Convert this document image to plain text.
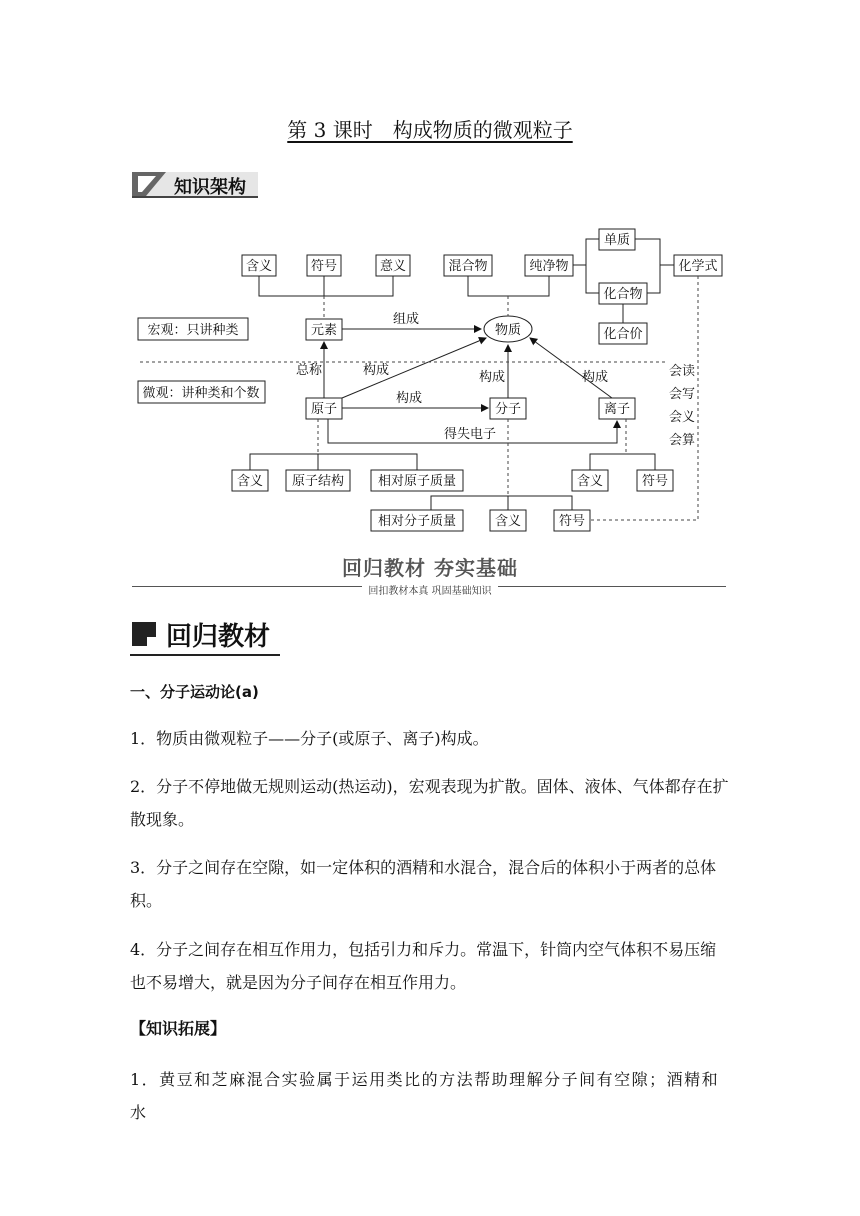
第 3 课时　构成物质的微观粒子
知识架构
含义	符号	意义	混合物	纯净物
单质
化合物
化学式
化合价
宏观：只讲种类
微观：讲种类和个数
元素	物质
组成
总称	构成	构成	构成
构成
原子	分子	离子
得失电子
含义 原子结构	相对原子质量	含义	符号
相对分子质量	含义	符号
会读
会写
会义
会算
回归教材 夯实基础
回扣教材本真 巩固基础知识
回归教材
一、分子运动论(a)
1．物质由微观粒子——分子(或原子、离子)构成。
2．分子不停地做无规则运动(热运动)，宏观表现为扩散。固体、液体、气体都存在扩散现象。
3．分子之间存在空隙，如一定体积的酒精和水混合，混合后的体积小于两者的总体积。
4．分子之间存在相互作用力，包括引力和斥力。常温下，针筒内空气体积不易压缩也不易增大，就是因为分子间存在相互作用力。
【知识拓展】
1．黄豆和芝麻混合实验属于运用类比的方法帮助理解分子间有空隙；酒精和水
